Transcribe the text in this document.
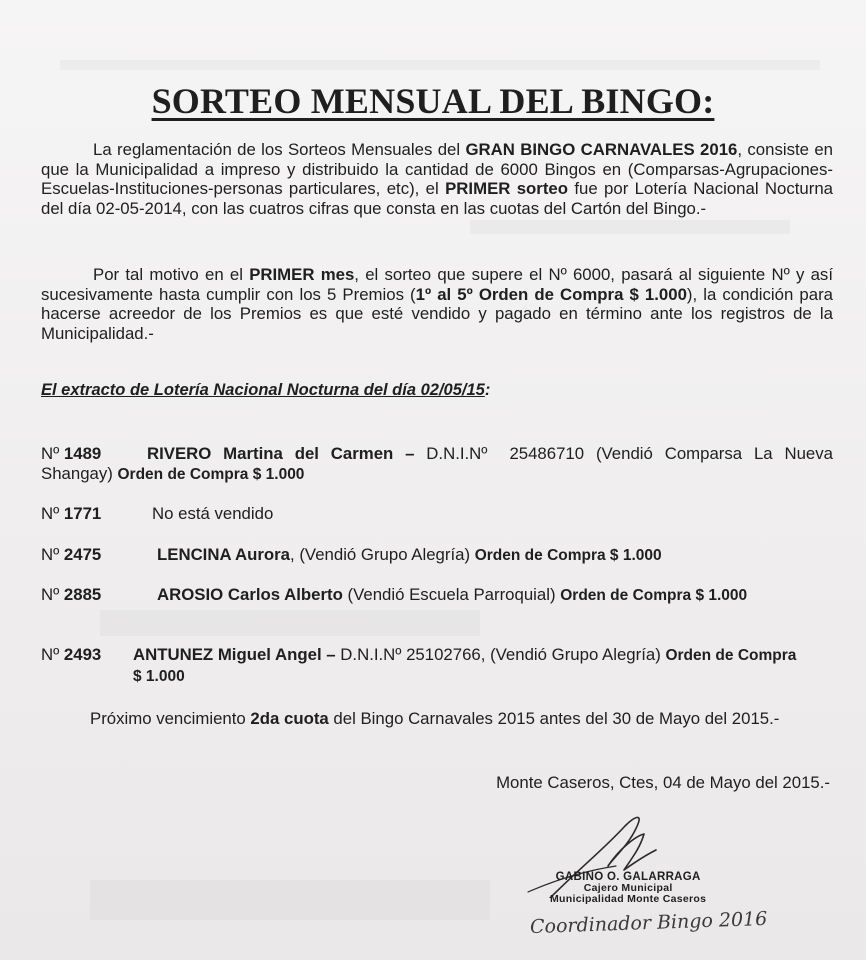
SORTEO MENSUAL DEL BINGO:
La reglamentación de los Sorteos Mensuales del GRAN BINGO CARNAVALES 2016, consiste en que la Municipalidad a impreso y distribuido la cantidad de 6000 Bingos en (Comparsas-Agrupaciones-Escuelas-Instituciones-personas particulares, etc), el PRIMER sorteo fue por Lotería Nacional Nocturna del día 02-05-2014, con las cuatros cifras que consta en las cuotas del Cartón del Bingo.-
Por tal motivo en el PRIMER mes, el sorteo que supere el Nº 6000, pasará al siguiente Nº y así sucesivamente hasta cumplir con los 5 Premios (1º al 5º Orden de Compra $ 1.000), la condición para hacerse acreedor de los Premios es que esté vendido y pagado en término ante los registros de la Municipalidad.-
El extracto de Lotería Nacional Nocturna del día 02/05/15:
Nº 1489	RIVERO Martina del Carmen – D.N.I.Nº 25486710 (Vendió Comparsa La Nueva Shangay) Orden de Compra $ 1.000
Nº 1771	No está vendido
Nº 2475	LENCINA Aurora, (Vendió Grupo Alegría) Orden de Compra $ 1.000
Nº 2885	AROSIO Carlos Alberto (Vendió Escuela Parroquial) Orden de Compra $ 1.000
Nº 2493 ANTUNEZ Miguel Angel – D.N.I.Nº 25102766, (Vendió Grupo Alegría) Orden de Compra
$ 1.000
Próximo vencimiento 2da cuota del Bingo Carnavales 2015 antes del 30 de Mayo del 2015.-
Monte Caseros, Ctes, 04 de Mayo del 2015.-
GABINO O. GALARRAGA
Cajero Municipal
Municipalidad Monte Caseros
Coordinador Bingo 2016
